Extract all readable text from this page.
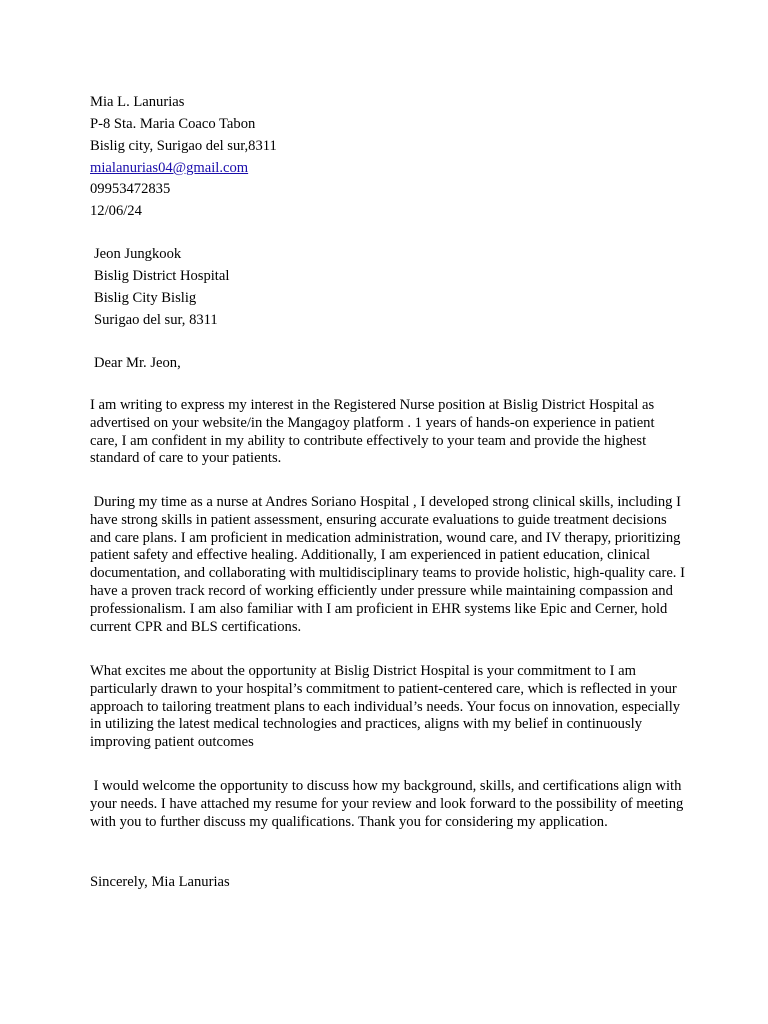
Mia L. Lanurias
P-8 Sta. Maria Coaco Tabon
Bislig city, Surigao del sur,8311
mialanurias04@gmail.com
09953472835
12/06/24
Jeon Jungkook
Bislig District Hospital
Bislig City Bislig
Surigao del sur, 8311
Dear Mr. Jeon,

I am writing to express my interest in the Registered Nurse position at Bislig District Hospital as advertised on your website/in the Mangagoy platform . 1 years of hands-on experience in patient care, I am confident in my ability to contribute effectively to your team and provide the highest standard of care to your patients.

During my time as a nurse at Andres Soriano Hospital , I developed strong clinical skills, including I have strong skills in patient assessment, ensuring accurate evaluations to guide treatment decisions and care plans. I am proficient in medication administration, wound care, and IV therapy, prioritizing patient safety and effective healing. Additionally, I am experienced in patient education, clinical documentation, and collaborating with multidisciplinary teams to provide holistic, high-quality care. I have a proven track record of working efficiently under pressure while maintaining compassion and professionalism. I am also familiar with I am proficient in EHR systems like Epic and Cerner, hold current CPR and BLS certifications.

What excites me about the opportunity at Bislig District Hospital is your commitment to I am particularly drawn to your hospital’s commitment to patient-centered care, which is reflected in your approach to tailoring treatment plans to each individual’s needs. Your focus on innovation, especially in utilizing the latest medical technologies and practices, aligns with my belief in continuously improving patient outcomes

I would welcome the opportunity to discuss how my background, skills, and certifications align with your needs. I have attached my resume for your review and look forward to the possibility of meeting with you to further discuss my qualifications. Thank you for considering my application.

Sincerely, Mia Lanurias
